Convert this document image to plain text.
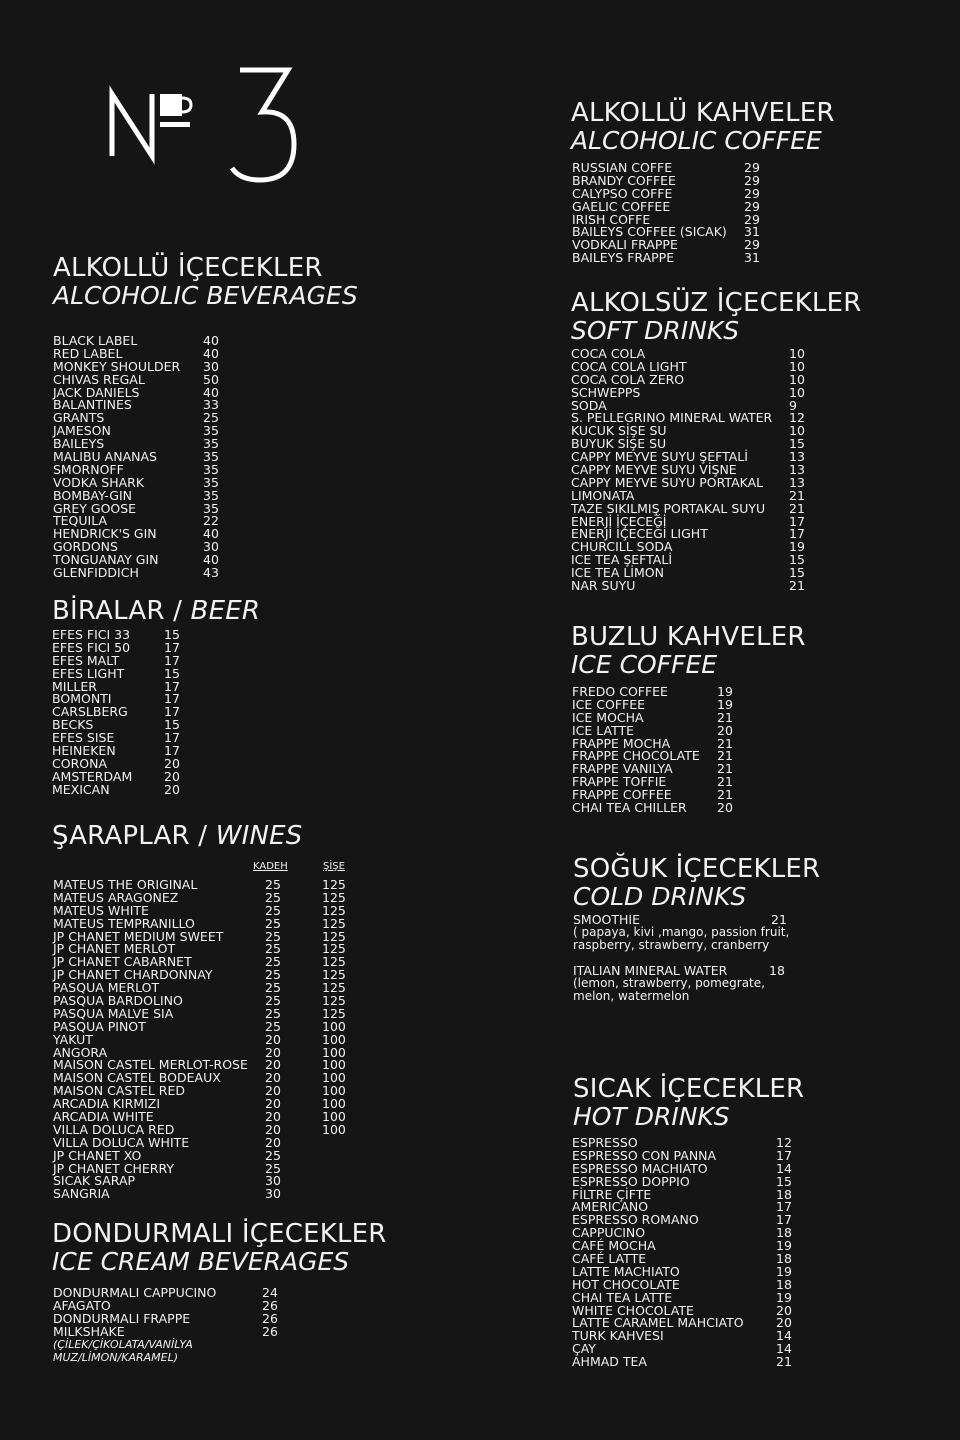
ALKOLLÜ İÇECEKLER
ALCOHOLIC BEVERAGES
BLACK LABEL	40
RED LABEL	40
MONKEY SHOULDER 30
CHIVAS REGAL	50
JACK DANIELS	40
BALANTINES	33
GRANTS	25
JAMESON	35
BAILEYS	35
MALIBU ANANAS	35
SMORNOFF	35
VODKA SHARK	35
BOMBAY-GIN	35
GREY GOOSE	35
TEQUILA	22
HENDRICK'S GIN	40
GORDONS	30
TONGUANAY GIN	40
GLENFIDDICH	43
BİRALAR / BEER
EFES FICI 33	15
EFES FICI 50	17
EFES MALT	17
EFES LIGHT	15
MILLER	17
BOMONTI	17
CARSLBERG	17
BECKS	15
EFES SISE	17
HEINEKEN	17
CORONA	20
AMSTERDAM	20
MEXICAN	20
ŞARAPLAR / WINES
KADEH	ŞİŞE
MATEUS THE ORIGINAL	25	125
MATEUS ARAGONEZ	25	125
MATEUS WHITE	25	125
MATEUS TEMPRANILLO	25	125
JP CHANET MEDIUM SWEET	25	125
JP CHANET MERLOT	25	125
JP CHANET CABARNET	25	125
JP CHANET CHARDONNAY	25	125
PASQUA MERLOT	25	125
PASQUA BARDOLINO	25	125
PASQUA MALVE SIA	25	125
PASQUA PINOT	25	100
YAKUT	20	100
ANGORA	20	100
MAISON CASTEL MERLOT-ROSE 20	100
MAISON CASTEL BODEAUX	20	100
MAISON CASTEL RED	20	100
ARCADIA KIRMIZI	20	100
ARCADIA WHITE	20	100
VILLA DOLUCA RED	20	100
VILLA DOLUCA WHITE	20
JP CHANET XO	25
JP CHANET CHERRY	25
SICAK SARAP	30
SANGRIA	30
DONDURMALI İÇECEKLER
ICE CREAM BEVERAGES
DONDURMALI CAPPUCINO	24
AFAGATO	26
DONDURMALI FRAPPE	26
MILKSHAKE	26
(ÇİLEK/ÇİKOLATA/VANİLYA
MUZ/LİMON/KARAMEL)
ALKOLLÜ KAHVELER
ALCOHOLIC COFFEE
RUSSIAN COFFE	29
BRANDY COFFEE	29
CALYPSO COFFE	29
GAELIC COFFEE	29
IRISH COFFE	29
BAILEYS COFFEE (SICAK) 31
VODKALI FRAPPE	29
BAILEYS FRAPPE	31
ALKOLSÜZ İÇECEKLER
SOFT DRINKS
COCA COLA	10
COCA COLA LIGHT	10
COCA COLA ZERO	10
SCHWEPPS	10
SODA	9
S. PELLEGRINO MINERAL WATER 12
KUCUK SİŞE SU	10
BUYUK SİŞE SU	15
CAPPY MEYVE SUYU ŞEFTALİ	13
CAPPY MEYVE SUYU VİŞNE	13
CAPPY MEYVE SUYU PORTAKAL 13
LIMONATA	21
TAZE SIKILMIŞ PORTAKAL SUYU 21
ENERJİ İÇECEĞİ	17
ENERJİ İÇECEĞİ LIGHT	17
CHURCILL SODA	19
ICE TEA ŞEFTALİ	15
ICE TEA LİMON	15
NAR SUYU	21
BUZLU KAHVELER
ICE COFFEE
FREDO COFFEE	19
ICE COFFEE	19
ICE MOCHA	21
ICE LATTE	20
FRAPPE MOCHA	21
FRAPPE CHOCOLATE 21
FRAPPE VANILYA	21
FRAPPE TOFFIE	21
FRAPPE COFFEE	21
CHAI TEA CHILLER 20
SOĞUK İÇECEKLER
COLD DRINKS
SMOOTHIE	21
( papaya, kivi ,mango, passion fruit,
raspberry, strawberry, cranberry
ITALIAN MINERAL WATER	18
(lemon, strawberry, pomegrate,
melon, watermelon
SICAK İÇECEKLER
HOT DRINKS
ESPRESSO	12
ESPRESSO CON PANNA	17
ESPRESSO MACHIATO	14
ESPRESSO DOPPIO	15
FİLTRE ÇİFTE	18
AMERICANO	17
ESPRESSO ROMANO	17
CAPPUCINO	18
CAFÉ MOCHA	19
CAFÉ LATTE	18
LATTE MACHIATO	19
HOT CHOCOLATE	18
CHAI TEA LATTE	19
WHITE CHOCOLATE	20
LATTE CARAMEL MAHCIATO	20
TURK KAHVESI	14
ÇAY	14
AHMAD TEA	21
